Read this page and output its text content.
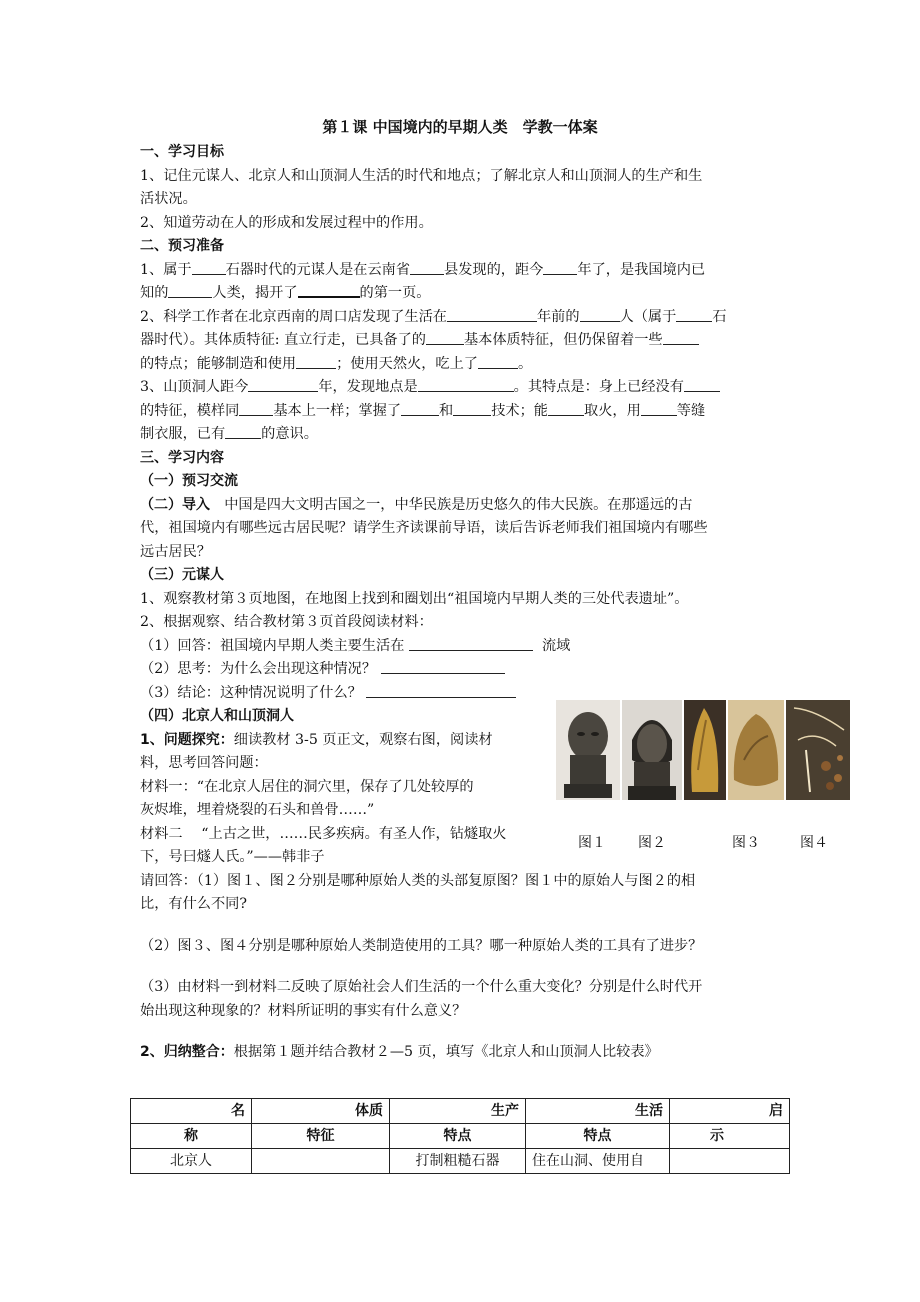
第１课 中国境内的早期人类　学教一体案

一、学习目标

1、记住元谋人、北京人和山顶洞人生活的时代和地点；了解北京人和山顶洞人的生产和生

活状况。

2、知道劳动在人的形成和发展过程中的作用。

二、预习准备

1、属于 石器时代的元谋人是在云南省 县发现的，距今 年了，是我国境内已

知的	人类，揭开了	的第一页。

2、科学工作者在北京西南的周口店发现了生活在	年前的	人（属于	石

器时代）。其体质特征: 直立行走，已具备了的	基本体质特征，但仍保留着一些

的特点；能够制造和使用	；使用天然火，吃上了	。

3、山顶洞人距今	年，发现地点是	。其特点是：身上已经没有

的特征，模样同 基本上一样；掌握了	和	技术；能	取火，用	等缝

制衣服，已有	的意识。

三、学习内容

（一）预习交流

（二）导入　中国是四大文明古国之一，中华民族是历史悠久的伟大民族。在那遥远的古

代，祖国境内有哪些远古居民呢？请学生齐读课前导语，读后告诉老师我们祖国境内有哪些

远古居民？

（三）元谋人

1、观察教材第３页地图，在地图上找到和圈划出“祖国境内早期人类的三处代表遗址”。

2、根据观察、结合教材第３页首段阅读材料：

（1）回答：祖国境内早期人类主要生活在	流域

（2）思考：为什么会出现这种情况？

（3）结论：这种情况说明了什么？

（四）北京人和山顶洞人

1、问题探究：细读教材 3-5 页正文，观察右图，阅读材

料，思考回答问题：

材料一：“在北京人居住的洞穴里，保存了几处较厚的

灰烬堆，埋着烧裂的石头和兽骨……”

材料二　 “上古之世，……民多疾病。有圣人作，钻燧取火

下，号曰燧人氏。”——韩非子

请回答：（1）图１、图２分别是哪种原始人类的头部复原图？图１中的原始人与图２的相

比，有什么不同?

（2）图３、图４分别是哪种原始人类制造使用的工具？哪一种原始人类的工具有了进步？

（3）由材料一到材料二反映了原始社会人们生活的一个什么重大变化？分别是什么时代开

始出现这种现象的？材料所证明的事实有什么意义？

2、归纳整合：根据第１题并结合教材２—5 页，填写《北京人和山顶洞人比较表》

图１ 图２	图３	图４
名	体质	生产	生活	启
称	特征	特点	特点	示
北京人		打制粗糙石器	住在山洞、使用自	
